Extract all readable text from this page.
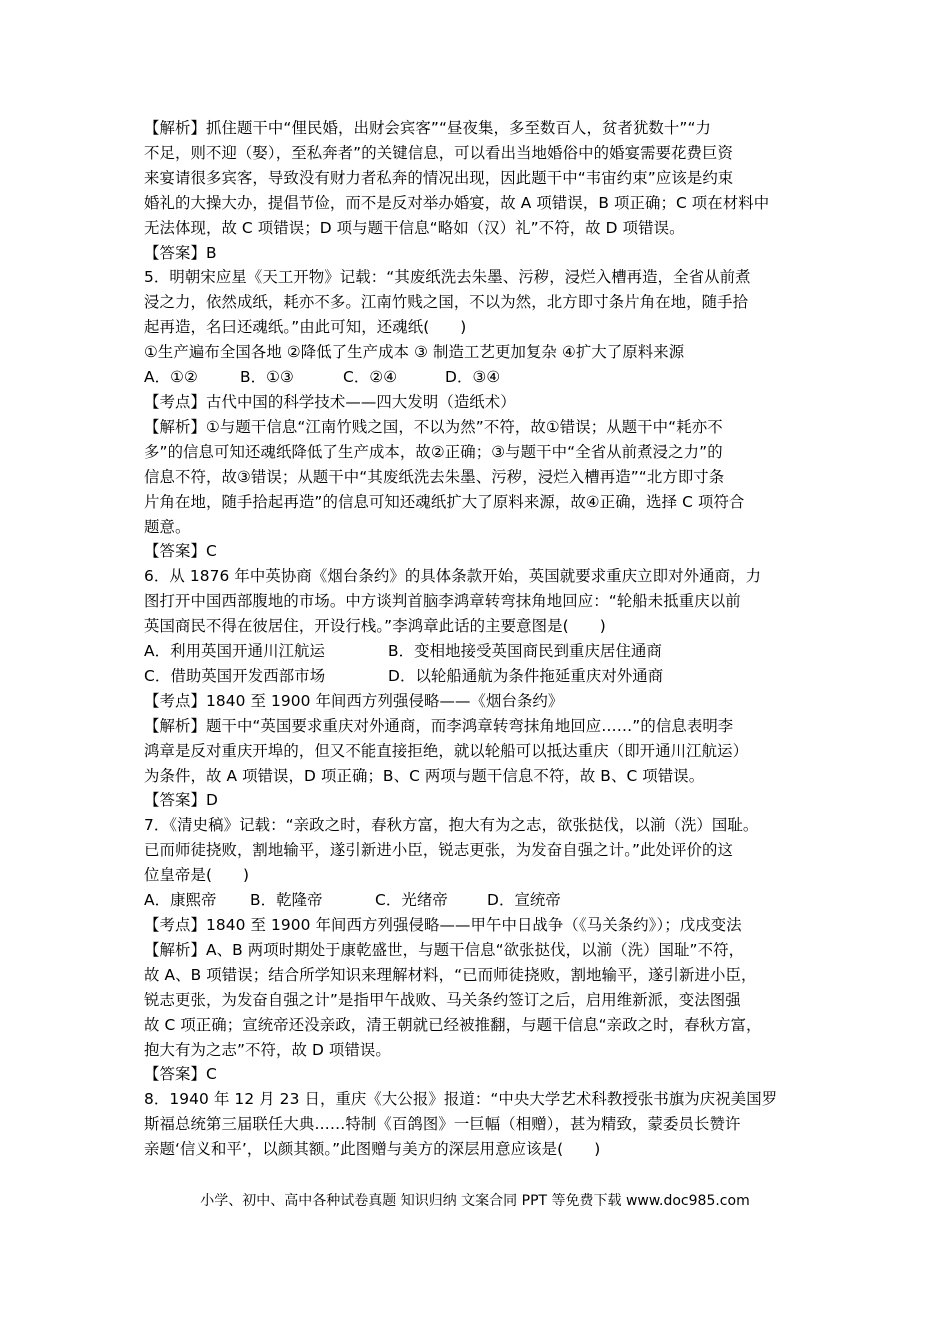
【解析】抓住题干中“俚民婚，出财会宾客”“昼夜集，多至数百人，贫者犹数十”“力
不足，则不迎（娶），至私奔者”的关键信息，可以看出当地婚俗中的婚宴需要花费巨资
来宴请很多宾客，导致没有财力者私奔的情况出现，因此题干中“韦宙约束”应该是约束
婚礼的大操大办，提倡节俭，而不是反对举办婚宴，故 A 项错误，B 项正确；C 项在材料中
无法体现，故 C 项错误；D 项与题干信息“略如（汉）礼”不符，故 D 项错误。
【答案】B
5．明朝宋应星《天工开物》记载：“其废纸洗去朱墨、污秽，浸烂入槽再造，全省从前煮
浸之力，依然成纸，耗亦不多。江南竹贱之国，不以为然，北方即寸条片角在地，随手拾
起再造，名曰还魂纸。”由此可知，还魂纸(　　)
①生产遍布全国各地 ②降低了生产成本 ③ 制造工艺更加复杂 ④扩大了原料来源
A．①②	B．①③	C．②④	D．③④
【考点】古代中国的科学技术——四大发明（造纸术）
【解析】①与题干信息“江南竹贱之国，不以为然”不符，故①错误；从题干中“耗亦不
多”的信息可知还魂纸降低了生产成本，故②正确；③与题干中“全省从前煮浸之力”的
信息不符，故③错误；从题干中“其废纸洗去朱墨、污秽，浸烂入槽再造”“北方即寸条
片角在地，随手拾起再造”的信息可知还魂纸扩大了原料来源，故④正确，选择 C 项符合
题意。
【答案】C
6．从 1876 年中英协商《烟台条约》的具体条款开始，英国就要求重庆立即对外通商，力
图打开中国西部腹地的市场。中方谈判首脑李鸿章转弯抹角地回应：“轮船未抵重庆以前
英国商民不得在彼居住，开设行栈。”李鸿章此话的主要意图是(　　)
A．利用英国开通川江航运	B．变相地接受英国商民到重庆居住通商
C．借助英国开发西部市场	D．以轮船通航为条件拖延重庆对外通商
【考点】1840 至 1900 年间西方列强侵略——《烟台条约》
【解析】题干中“英国要求重庆对外通商，而李鸿章转弯抹角地回应……”的信息表明李
鸿章是反对重庆开埠的，但又不能直接拒绝，就以轮船可以抵达重庆（即开通川江航运）
为条件，故 A 项错误，D 项正确；B、C 两项与题干信息不符，故 B、C 项错误。
【答案】D
7．《清史稿》记载：“亲政之时，春秋方富，抱大有为之志，欲张挞伐，以湔（洗）国耻。
已而师徒挠败，割地输平，遂引新进小臣，锐志更张，为发奋自强之计。”此处评价的这
位皇帝是(　　)
A．康熙帝	B．乾隆帝	C．光绪帝	D．宣统帝
【考点】1840 至 1900 年间西方列强侵略——甲午中日战争（《马关条约》）；戊戌变法
【解析】A、B 两项时期处于康乾盛世，与题干信息“欲张挞伐，以湔（洗）国耻”不符，
故 A、B 项错误；结合所学知识来理解材料，“已而师徒挠败，割地输平，遂引新进小臣，
锐志更张，为发奋自强之计”是指甲午战败、马关条约签订之后，启用维新派，变法图强
故 C 项正确；宣统帝还没亲政，清王朝就已经被推翻，与题干信息“亲政之时，春秋方富，
抱大有为之志”不符，故 D 项错误。
【答案】C
8．1940 年 12 月 23 日，重庆《大公报》报道：“中央大学艺术科教授张书旗为庆祝美国罗
斯福总统第三届联任大典……特制《百鸽图》一巨幅（相赠），甚为精致，蒙委员长赞许
亲题‘信义和平’，以颜其额。”此图赠与美方的深层用意应该是(　　)
小学、初中、高中各种试卷真题 知识归纳 文案合同 PPT 等免费下载 www.doc985.com
